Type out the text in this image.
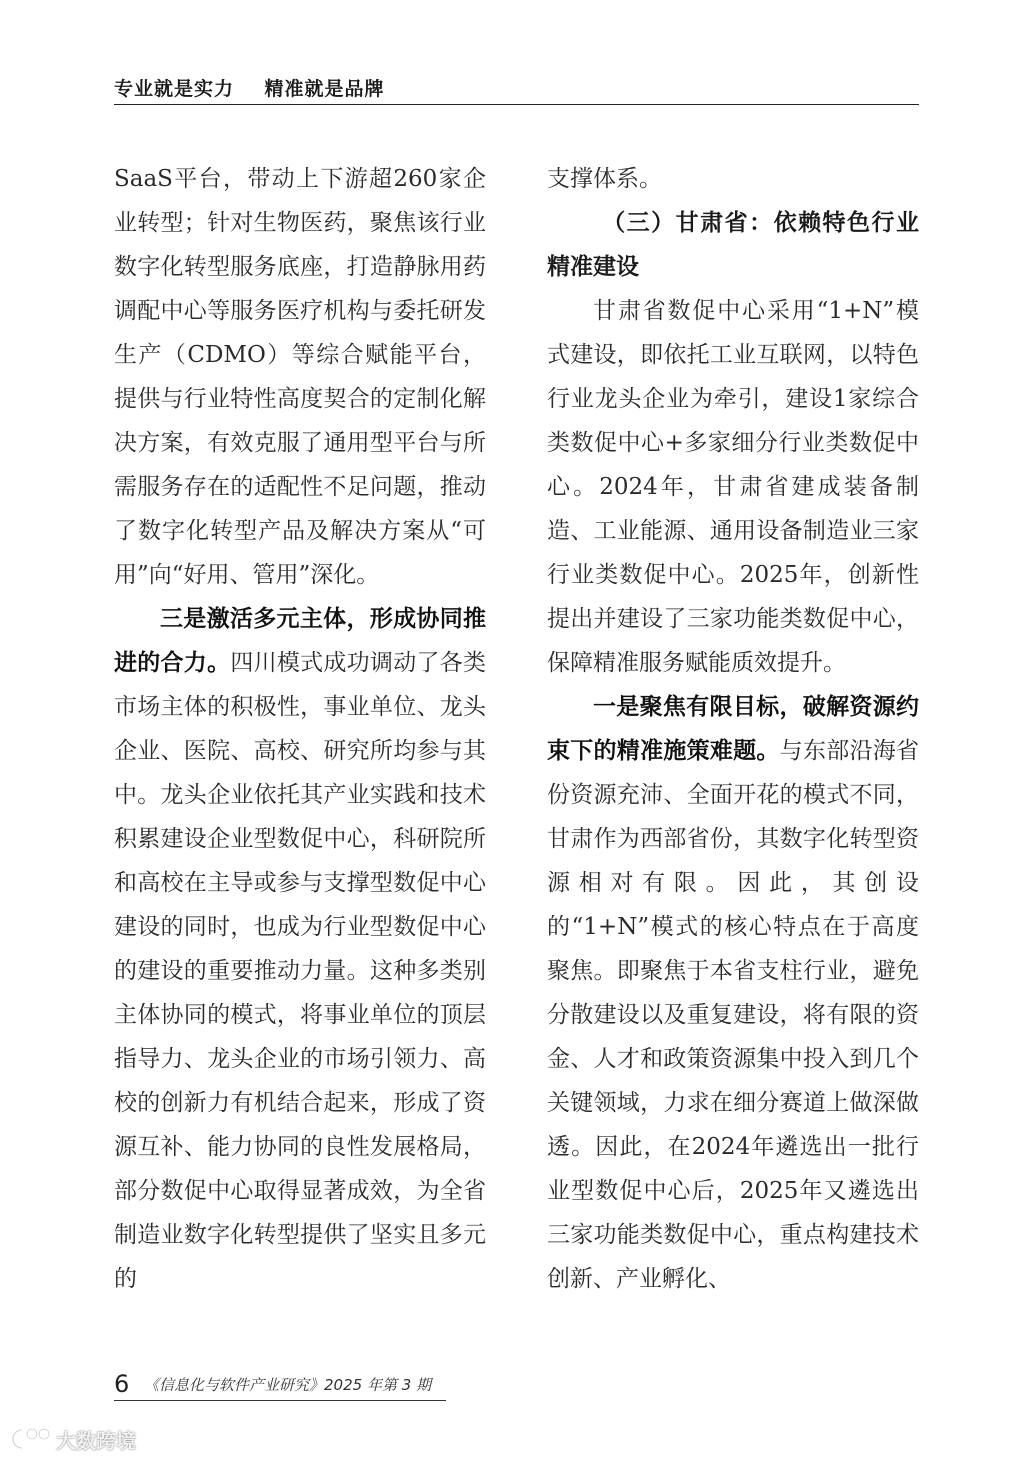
专业就是实力    精准就是品牌

SaaS平台，带动上下游超260家企业转型；针对生物医药，聚焦该行业数字化转型服务底座，打造静脉用药调配中心等服务医疗机构与委托研发生产（CDMO）等综合赋能平台，提供与行业特性高度契合的定制化解决方案，有效克服了通用型平台与所需服务存在的适配性不足问题，推动了数字化转型产品及解决方案从“可用”向“好用、管用”深化。

三是激活多元主体，形成协同推进的合力。四川模式成功调动了各类市场主体的积极性，事业单位、龙头企业、医院、高校、研究所均参与其中。龙头企业依托其产业实践和技术积累建设企业型数促中心，科研院所和高校在主导或参与支撑型数促中心建设的同时，也成为行业型数促中心的建设的重要推动力量。这种多类别主体协同的模式，将事业单位的顶层指导力、龙头企业的市场引领力、高校的创新力有机结合起来，形成了资源互补、能力协同的良性发展格局，部分数促中心取得显著成效，为全省制造业数字化转型提供了坚实且多元的

支撑体系。

（三）甘肃省：依赖特色行业精准建设

甘肃省数促中心采用“1+N”模式建设，即依托工业互联网，以特色行业龙头企业为牵引，建设1家综合类数促中心+多家细分行业类数促中心。2024年，甘肃省建成装备制造、工业能源、通用设备制造业三家行业类数促中心。2025年，创新性提出并建设了三家功能类数促中心，保障精准服务赋能质效提升。

一是聚焦有限目标，破解资源约束下的精准施策难题。与东部沿海省份资源充沛、全面开花的模式不同，甘肃作为西部省份，其数字化转型资源相对有限。因此，其创设的“1+N”模式的核心特点在于高度聚焦。即聚焦于本省支柱行业，避免分散建设以及重复建设，将有限的资金、人才和政策资源集中投入到几个关键领域，力求在细分赛道上做深做透。因此，在2024年遴选出一批行业型数促中心后，2025年又遴选出三家功能类数促中心，重点构建技术创新、产业孵化、

6 《信息化与软件产业研究》2025 年第 3 期
大数跨境
